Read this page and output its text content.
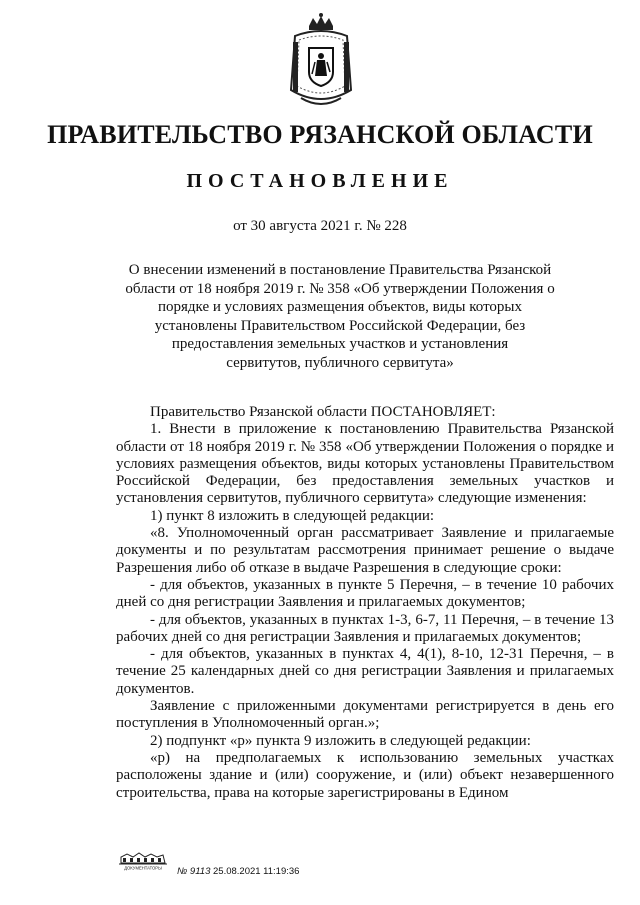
ПРАВИТЕЛЬСТВО РЯЗАНСКОЙ ОБЛАСТИ
ПОСТАНОВЛЕНИЕ
от 30 августа 2021 г. № 228
О внесении изменений в постановление Правительства Рязанской
области от 18 ноября 2019 г. № 358 «Об утверждении Положения о
порядке и условиях размещения объектов, виды которых
установлены Правительством Российской Федерации, без
предоставления земельных участков и установления
сервитутов, публичного сервитута»

Правительство Рязанской области ПОСТАНОВЛЯЕТ:

1. Внести в приложение к постановлению Правительства Рязанской области от 18 ноября 2019 г. № 358 «Об утверждении Положения о порядке и условиях размещения объектов, виды которых установлены Правительством Российской Федерации, без предоставления земельных участков и установления сервитутов, публичного сервитута» следующие изменения:

1) пункт 8 изложить в следующей редакции:

«8. Уполномоченный орган рассматривает Заявление и прилагаемые документы и по результатам рассмотрения принимает решение о выдаче Разрешения либо об отказе в выдаче Разрешения в следующие сроки:

- для объектов, указанных в пункте 5 Перечня, – в течение 10 рабочих дней со дня регистрации Заявления и прилагаемых документов;

- для объектов, указанных в пунктах 1-3, 6-7, 11 Перечня, – в течение 13 рабочих дней со дня регистрации Заявления и прилагаемых документов;

- для объектов, указанных в пунктах 4, 4(1), 8-10, 12-31 Перечня, – в течение 25 календарных дней со дня регистрации Заявления и прилагаемых документов.

Заявление с приложенными документами регистрируется в день его поступления в Уполномоченный орган.»;

2) подпункт «р» пункта 9 изложить в следующей редакции:

«р) на предполагаемых к использованию земельных участках расположены здание и (или) сооружение, и (или) объект незавершенного строительства, права на которые зарегистрированы в Едином

ДОКУМЕНТАТОРЫ № 9113 25.08.2021 11:19:36
